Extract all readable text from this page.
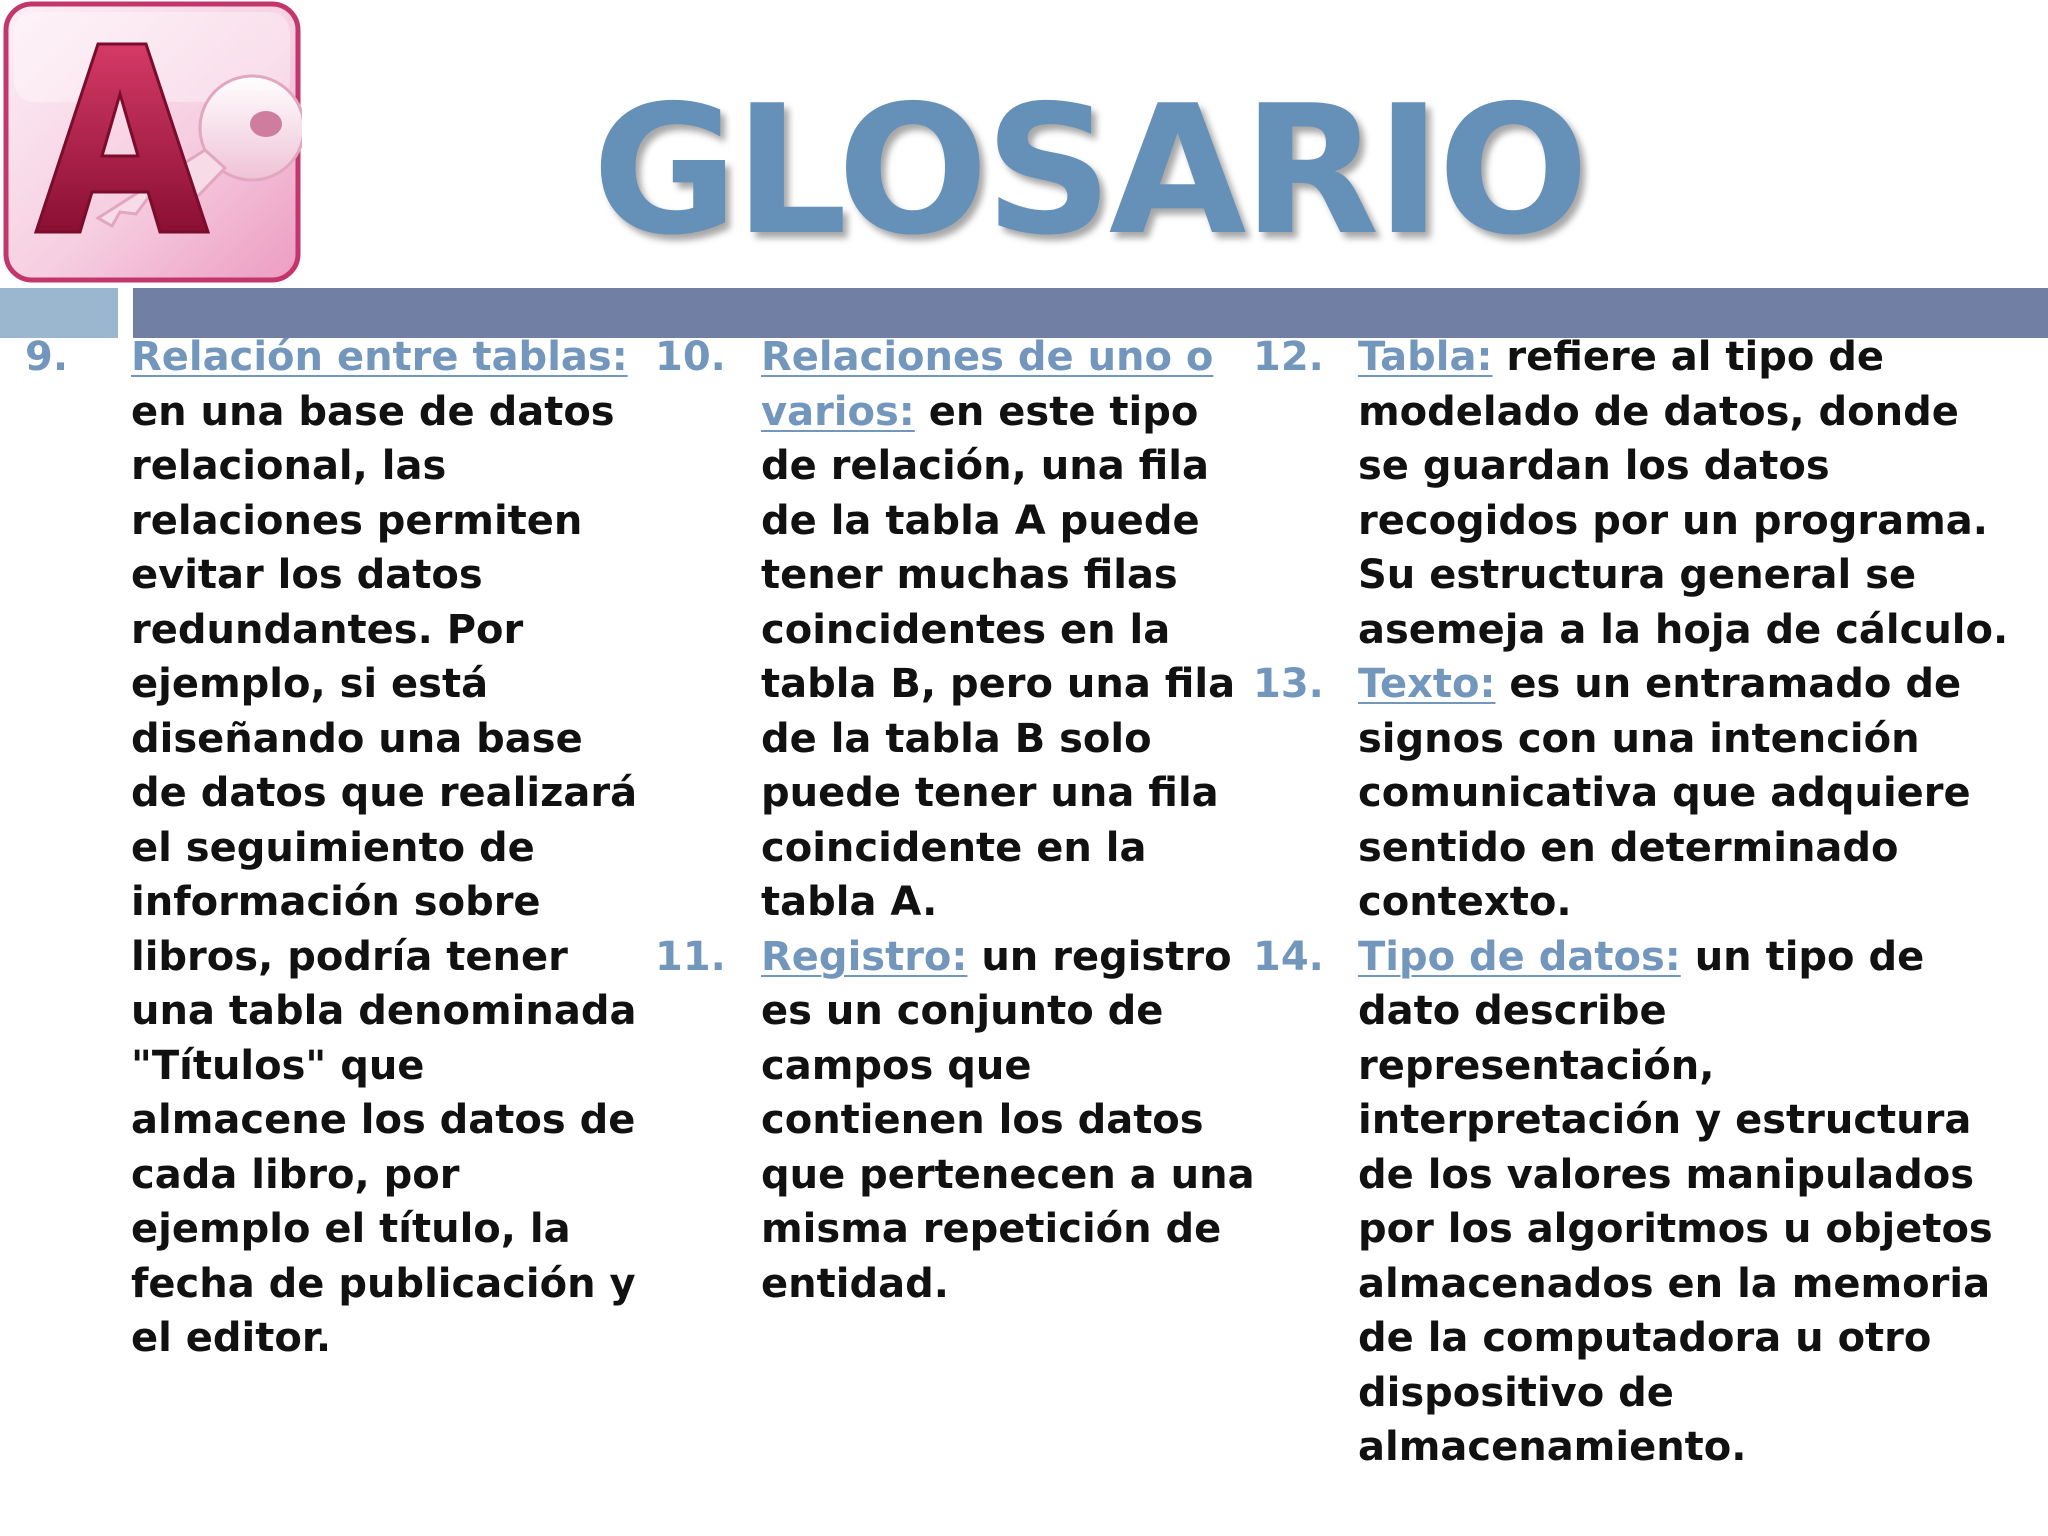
GLOSARIO

9. Relación entre tablas: en una base de datos relacional, las relaciones permiten evitar los datos redundantes. Por ejemplo, si está diseñando una base de datos que realizará el seguimiento de información sobre libros, podría tener una tabla denominada "Títulos" que almacene los datos de cada libro, por ejemplo el título, la fecha de publicación y el editor.

10. Relaciones de uno o varios: en este tipo de relación, una fila de la tabla A puede tener muchas filas coincidentes en la tabla B, pero una fila de la tabla B solo puede tener una fila coincidente en la tabla A.

11. Registro: un registro es un conjunto de campos que contienen los datos que pertenecen a una misma repetición de entidad.

12. Tabla: refiere al tipo de modelado de datos, donde se guardan los datos recogidos por un programa. Su estructura general se asemeja a la hoja de cálculo.

13. Texto: es un entramado de signos con una intención comunicativa que adquiere sentido en determinado contexto.

14. Tipo de datos: un tipo de dato describe representación, interpretación y estructura de los valores manipulados por los algoritmos u objetos almacenados en la memoria de la computadora u otro dispositivo de almacenamiento.
